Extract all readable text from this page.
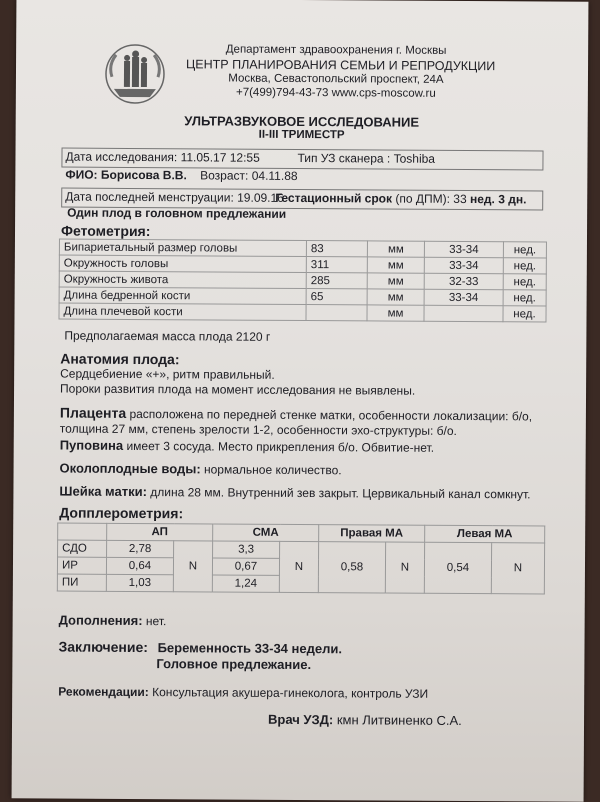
Департамент здравоохранения г. Москвы
ЦЕНТР ПЛАНИРОВАНИЯ СЕМЬИ И РЕПРОДУКЦИИ
Москва, Севастопольский проспект, 24А
+7(499)794-43-73 www.cps-moscow.ru
УЛЬТРАЗВУКОВОЕ ИССЛЕДОВАНИЕ
II-III ТРИМЕСТР
Дата исследования: 11.05.17 12:55	Тип УЗ сканера : Toshiba
ФИО: Борисова В.В. Возраст: 04.11.88
Дата последней менструации: 19.09.16
Гестационный срок (по ДПМ): 33 нед. 3 дн.
Один плод в головном предлежании
Фетометрия:
Бипариетальный размер головы	83	мм	33-34	нед.
Окружность головы	311	мм	33-34	нед.
Окружность живота	285	мм	32-33	нед.
Длина бедренной кости	65	мм	33-34	нед.
Длина плечевой кости		мм		нед.
Предполагаемая масса плода 2120 г
Анатомия плода:
Сердцебиение «+», ритм правильный.
Пороки развития плода на момент исследования не выявлены.
Плацента расположена по передней стенке матки, особенности локализации: б/о,
толщина 27 мм, степень зрелости 1-2, особенности эхо-структуры: б/о.
Пуповина имеет 3 сосуда. Место прикрепления б/о. Обвитие-нет.
Околоплодные воды: нормальное количество.
Шейка матки: длина 28 мм. Внутренний зев закрыт. Цервикальный канал сомкнут.
Допплерометрия:
	АП		СМА		Правая МА		Левая МА	
СДО	2,78	N	3,3	N	0,58	N	0,54	N
ИР	0,64		0,67					
ПИ	1,03		1,24					
Дополнения: нет.
Заключение: Беременность 33-34 недели.
Головное предлежание.
Рекомендации: Консультация акушера-гинеколога, контроль УЗИ
Врач УЗД: кмн Литвиненко С.А.
